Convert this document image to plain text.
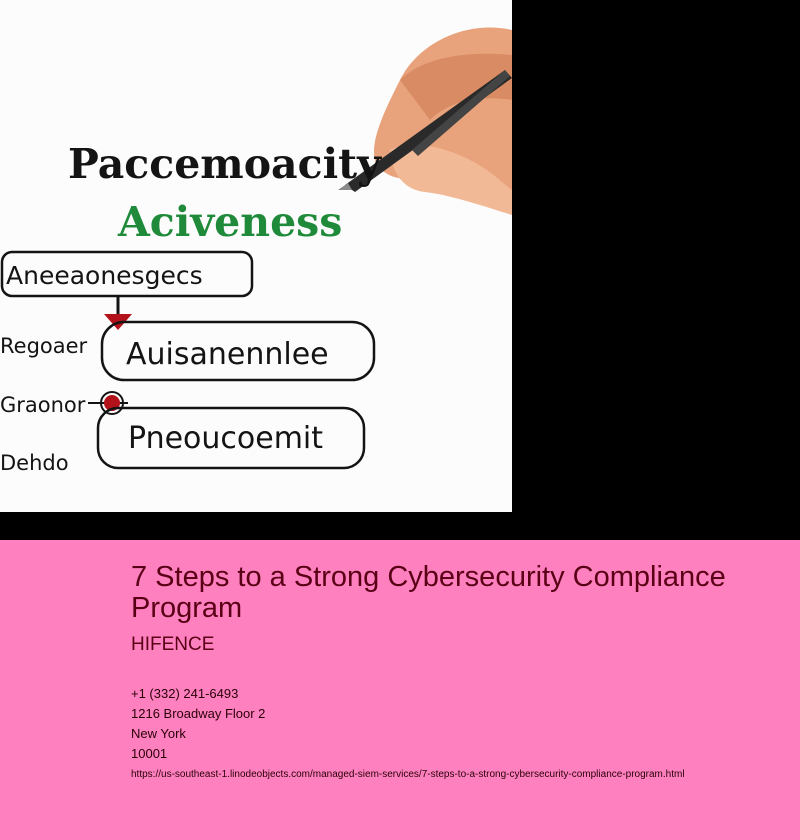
Paccemoacity
Aciveness
Aneeaonesgecs
Regoaer
Graonor
Dehdo
Auisanennlee
Pneoucoemit
7 Steps to a Strong Cybersecurity Compliance Program
HIFENCE
+1 (332) 241-6493
1216 Broadway Floor 2
New York
10001
https://us-southeast-1.linodeobjects.com/managed-siem-services/7-steps-to-a-strong-cybersecurity-compliance-program.html
